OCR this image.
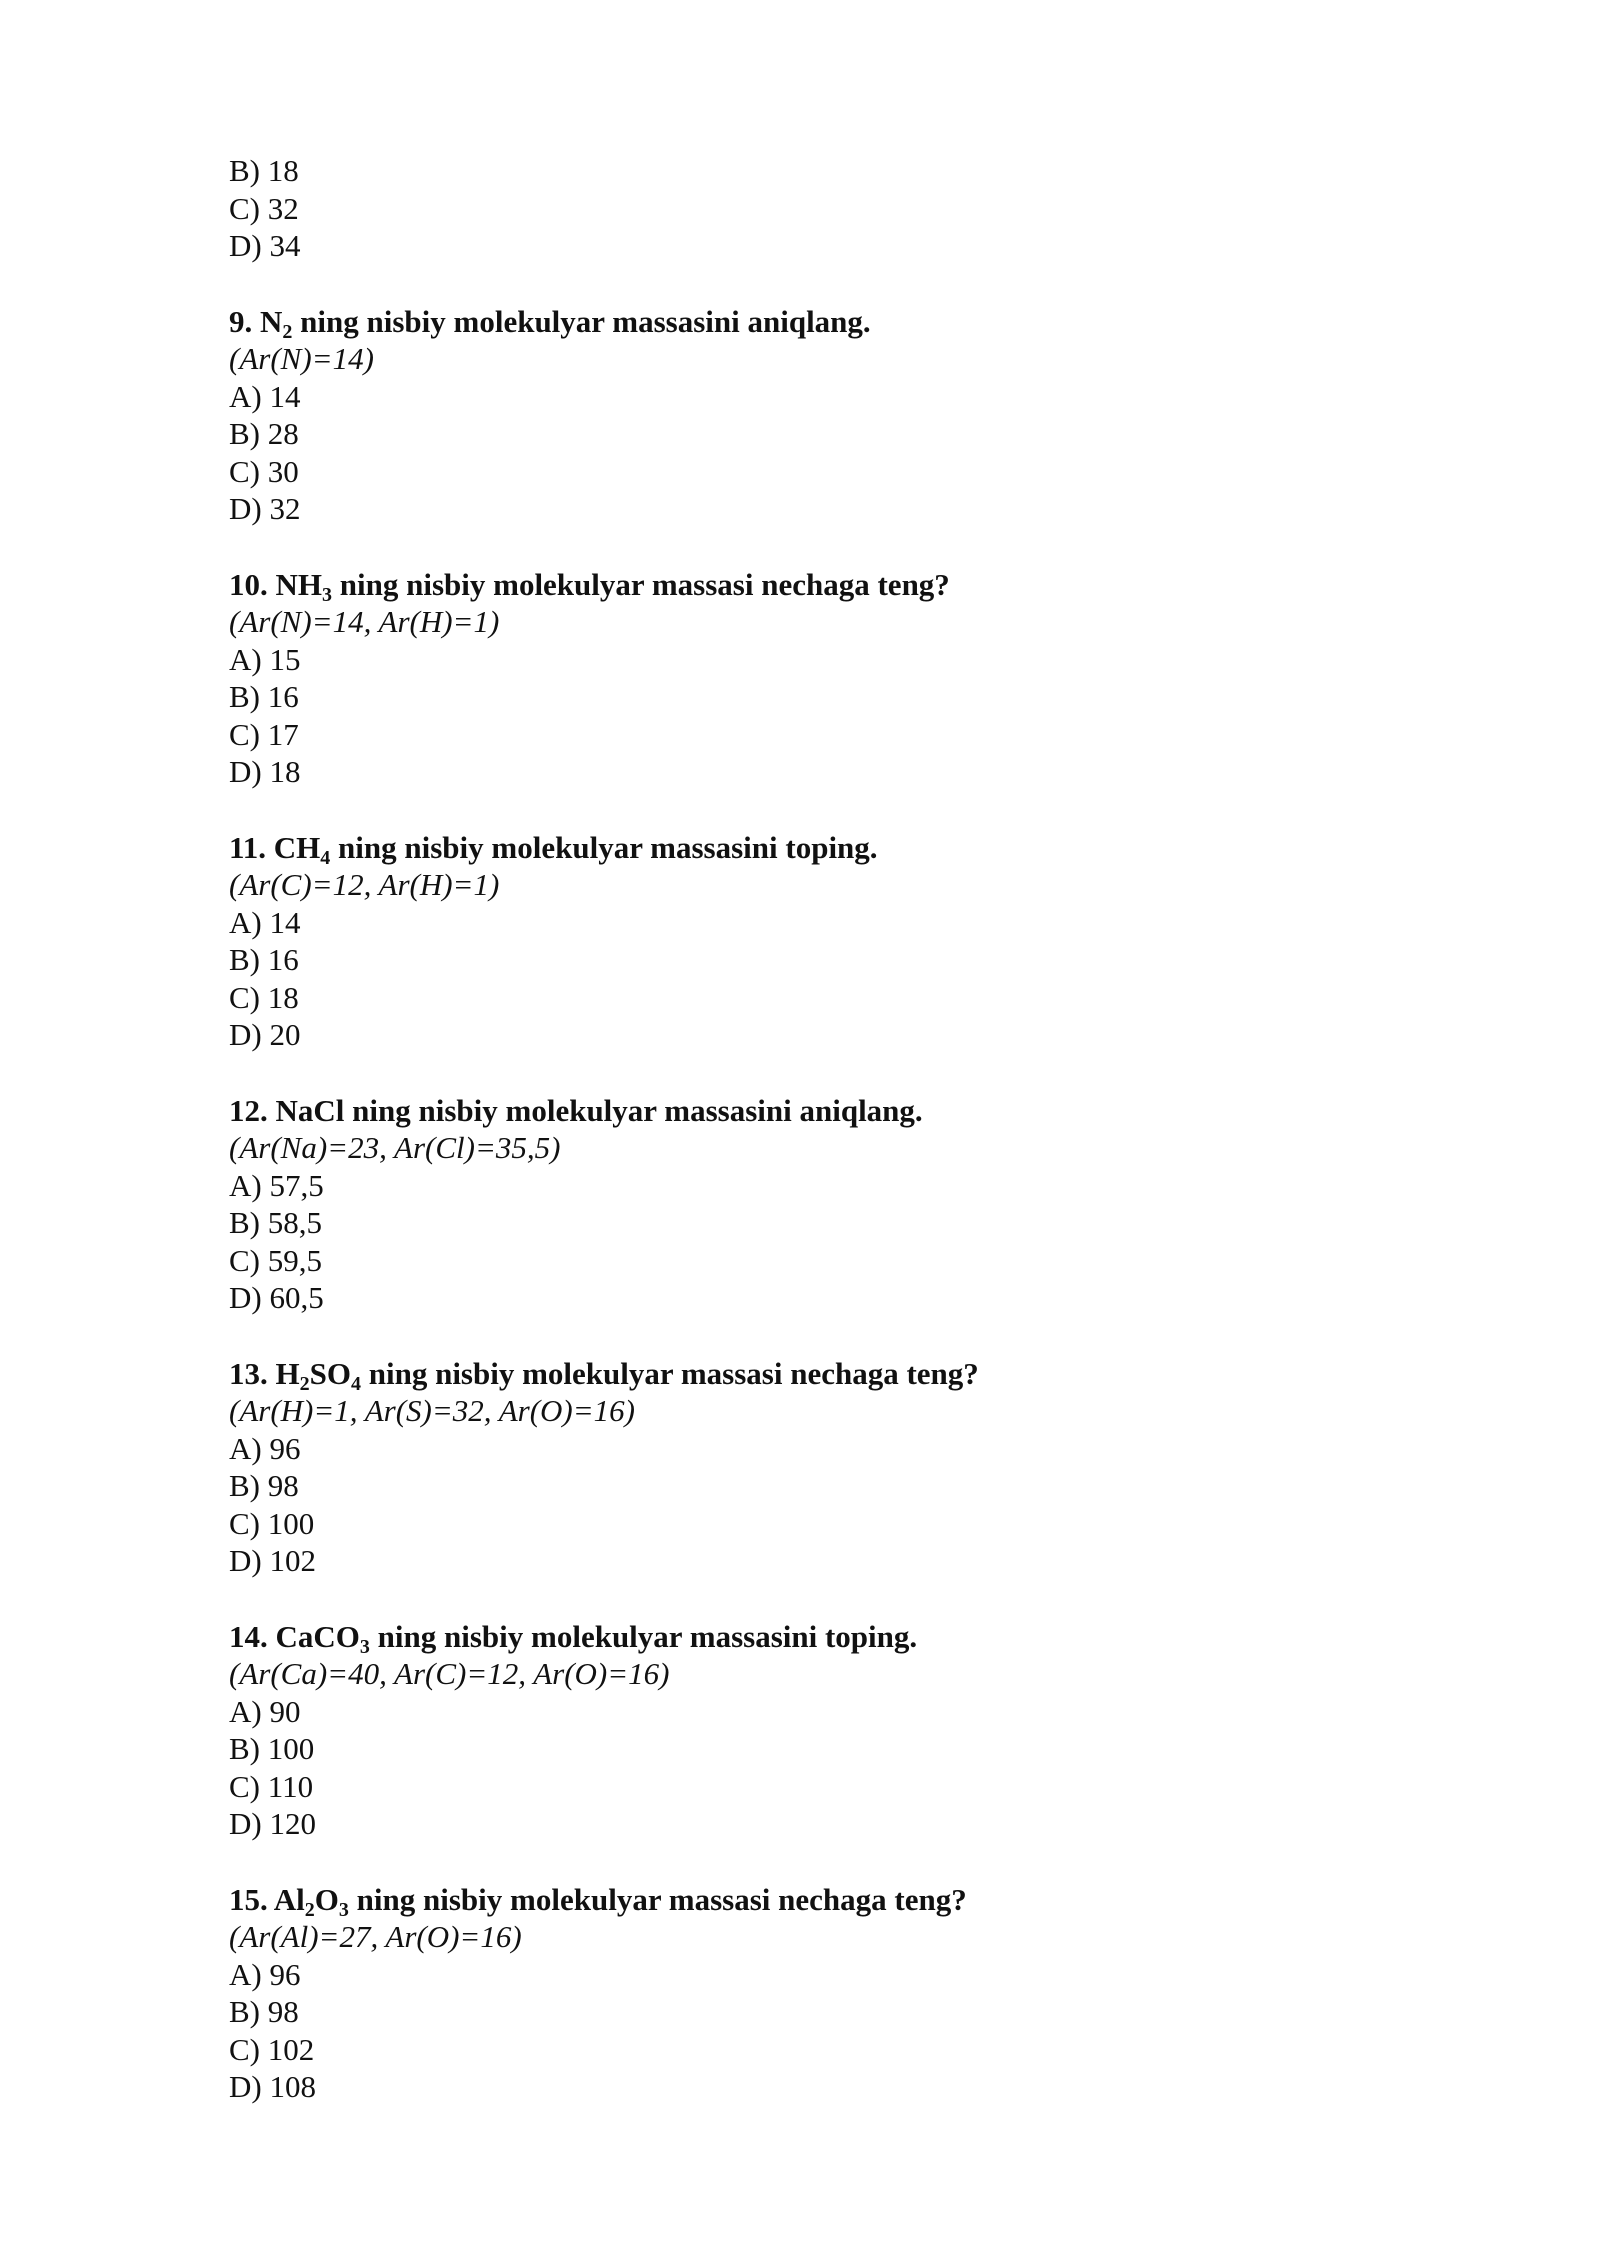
B) 18
C) 32
D) 34
9. $N_2$ ning nisbiy molekulyar massasini aniqlang.
(Ar(N)=14)
A) 14
B) 28
C) 30
D) 32
10. $NH_3$ ning nisbiy molekulyar massasi nechaga teng?
(Ar(N)=14, Ar(H)=1)
A) 15
B) 16
C) 17
D) 18
11. $CH_4$ ning nisbiy molekulyar massasini toping.
(Ar(C)=12, Ar(H)=1)
A) 14
B) 16
C) 18
D) 20
12. NaCl ning nisbiy molekulyar massasini aniqlang.
(Ar(Na)=23, Ar(Cl)=35,5)
A) 57,5
B) 58,5
C) 59,5
D) 60,5
13. $H_2SO_4$ ning nisbiy molekulyar massasi nechaga teng?
(Ar(H)=1, Ar(S)=32, Ar(O)=16)
A) 96
B) 98
C) 100
D) 102
14. CaCO$_3$ ning nisbiy molekulyar massasini toping.
(Ar(Ca)=40, Ar(C)=12, Ar(O)=16)
A) 90
B) 100
C) 110
D) 120
15. $Al_2O_3$ ning nisbiy molekulyar massasi nechaga teng?
(Ar(Al)=27, Ar(O)=16)
A) 96
B) 98
C) 102
D) 108
